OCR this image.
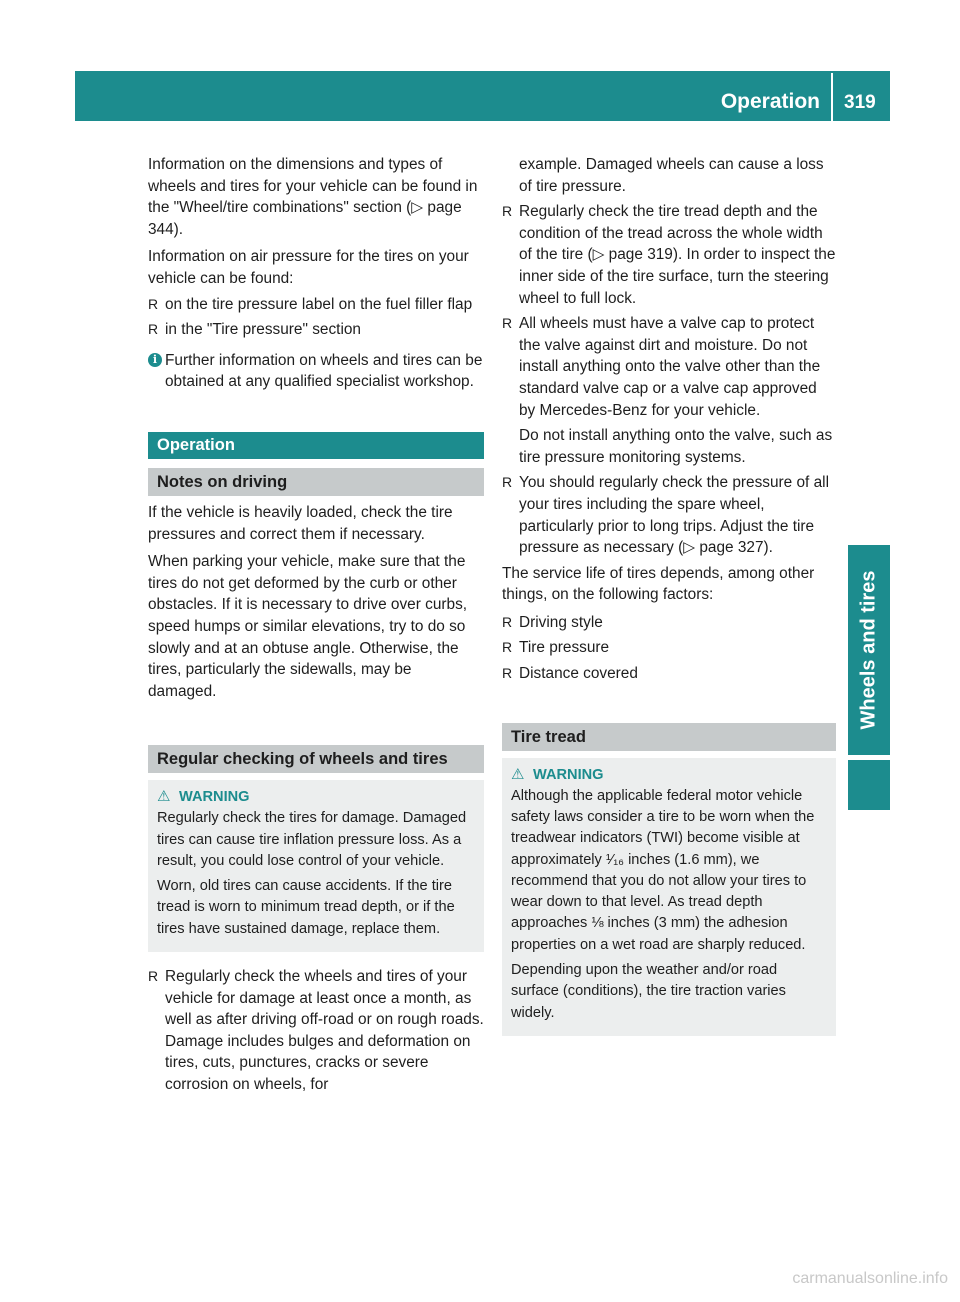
Operation	319
Wheels and tires

Information on the dimensions and types of wheels and tires for your vehicle can be found in the "Wheel/tire combinations" section (▷ page 344).

Information on air pressure for the tires on your vehicle can be found:

R on the tire pressure label on the fuel filler flap
R in the "Tire pressure" section
i Further information on wheels and tires can be obtained at any qualified specialist workshop.
Operation
Notes on driving

If the vehicle is heavily loaded, check the tire pressures and correct them if necessary.

When parking your vehicle, make sure that the tires do not get deformed by the curb or other obstacles. If it is necessary to drive over curbs, speed humps or similar elevations, try to do so slowly and at an obtuse angle. Otherwise, the tires, particularly the sidewalls, may be damaged.

Regular checking of wheels and tires
⚠ WARNING

Regularly check the tires for damage. Damaged tires can cause tire inflation pressure loss. As a result, you could lose control of your vehicle.

Worn, old tires can cause accidents. If the tire tread is worn to minimum tread depth, or if the tires have sustained damage, replace them.

R Regularly check the wheels and tires of your vehicle for damage at least once a month, as well as after driving off-road or on rough roads. Damage includes bulges and deformation on tires, cuts, punctures, cracks or severe corrosion on wheels, for

example. Damaged wheels can cause a loss of tire pressure.

R Regularly check the tire tread depth and the condition of the tread across the whole width of the tire (▷ page 319). In order to inspect the inner side of the tire surface, turn the steering wheel to full lock.
R All wheels must have a valve cap to protect the valve against dirt and moisture. Do not install anything onto the valve other than the standard valve cap or a valve cap approved by Mercedes-Benz for your vehicle.

Do not install anything onto the valve, such as tire pressure monitoring systems.

R You should regularly check the pressure of all your tires including the spare wheel, particularly prior to long trips. Adjust the tire pressure as necessary (▷ page 327).

The service life of tires depends, among other things, on the following factors:

R Driving style
R Tire pressure
R Distance covered
Tire tread
⚠ WARNING

Although the applicable federal motor vehicle safety laws consider a tire to be worn when the treadwear indicators (TWI) become visible at approximately ¹⁄₁₆ inches (1.6 mm), we recommend that you do not allow your tires to wear down to that level. As tread depth approaches ⅛ inches (3 mm) the adhesion properties on a wet road are sharply reduced.

Depending upon the weather and/or road surface (conditions), the tire traction varies widely.

carmanualsonline.info
